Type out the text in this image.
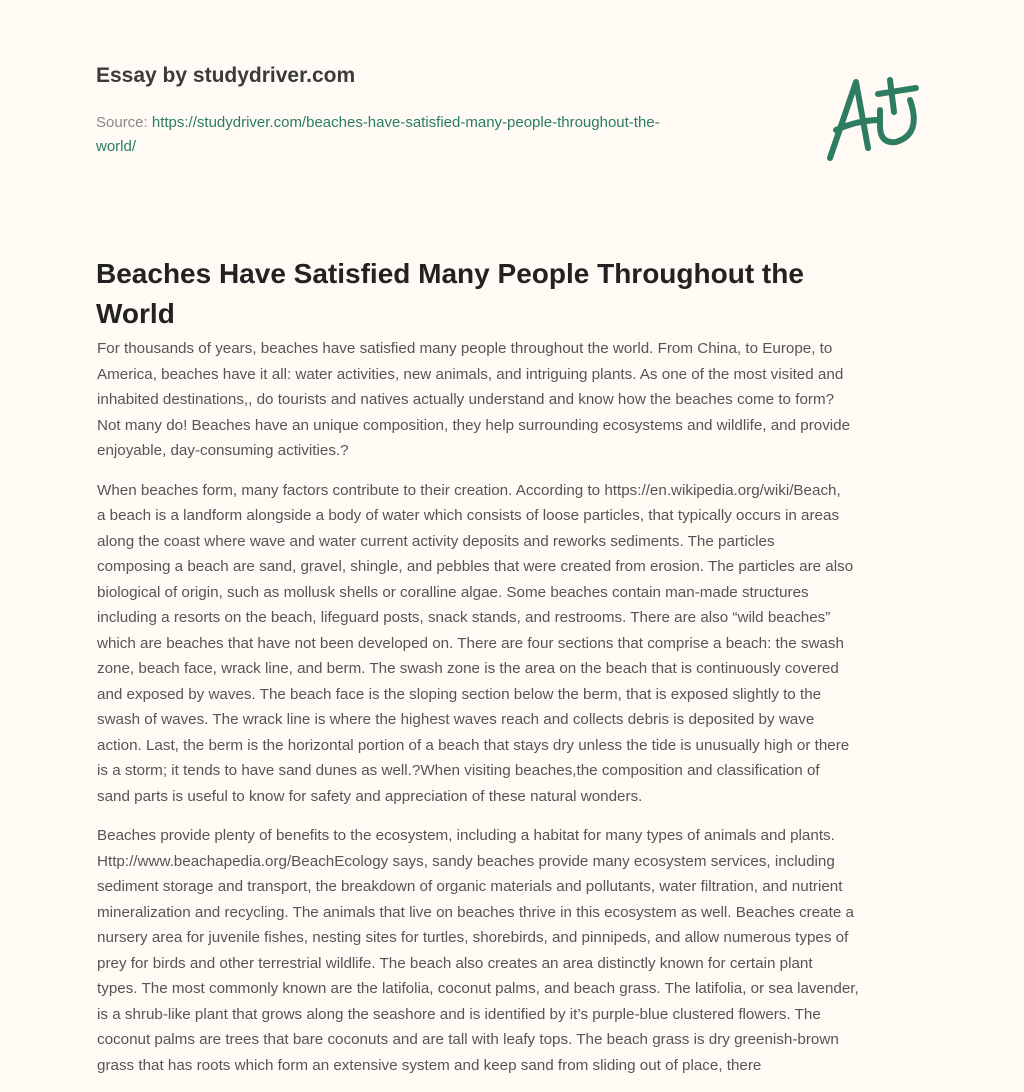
Essay by studydriver.com
Source: https://studydriver.com/beaches-have-satisfied-many-people-throughout-the-
world/
Beaches Have Satisfied Many People Throughout the
World

For thousands of years, beaches have satisfied many people throughout the world. From China, to Europe, to
America, beaches have it all: water activities, new animals, and intriguing plants. As one of the most visited and
inhabited destinations,, do tourists and natives actually understand and know how the beaches come to form?
Not many do! Beaches have an unique composition, they help surrounding ecosystems and wildlife, and provide
enjoyable, day-consuming activities.?

When beaches form, many factors contribute to their creation. According to https://en.wikipedia.org/wiki/Beach,
a beach is a landform alongside a body of water which consists of loose particles, that typically occurs in areas
along the coast where wave and water current activity deposits and reworks sediments. The particles
composing a beach are sand, gravel, shingle, and pebbles that were created from erosion. The particles are also
biological of origin, such as mollusk shells or coralline algae. Some beaches contain man-made structures
including a resorts on the beach, lifeguard posts, snack stands, and restrooms. There are also “wild beaches”
which are beaches that have not been developed on. There are four sections that comprise a beach: the swash
zone, beach face, wrack line, and berm. The swash zone is the area on the beach that is continuously covered
and exposed by waves. The beach face is the sloping section below the berm, that is exposed slightly to the
swash of waves. The wrack line is where the highest waves reach and collects debris is deposited by wave
action. Last, the berm is the horizontal portion of a beach that stays dry unless the tide is unusually high or there
is a storm; it tends to have sand dunes as well.?When visiting beaches,the composition and classification of
sand parts is useful to know for safety and appreciation of these natural wonders.

Beaches provide plenty of benefits to the ecosystem, including a habitat for many types of animals and plants.
Http://www.beachapedia.org/BeachEcology says, sandy beaches provide many ecosystem services, including
sediment storage and transport, the breakdown of organic materials and pollutants, water filtration, and nutrient
mineralization and recycling. The animals that live on beaches thrive in this ecosystem as well. Beaches create a
nursery area for juvenile fishes, nesting sites for turtles, shorebirds, and pinnipeds, and allow numerous types of
prey for birds and other terrestrial wildlife. The beach also creates an area distinctly known for certain plant
types. The most commonly known are the latifolia, coconut palms, and beach grass. The latifolia, or sea lavender,
is a shrub-like plant that grows along the seashore and is identified by it’s purple-blue clustered flowers. The
coconut palms are trees that bare coconuts and are tall with leafy tops. The beach grass is dry greenish-brown
grass that has roots which form an extensive system and keep sand from sliding out of place, there
